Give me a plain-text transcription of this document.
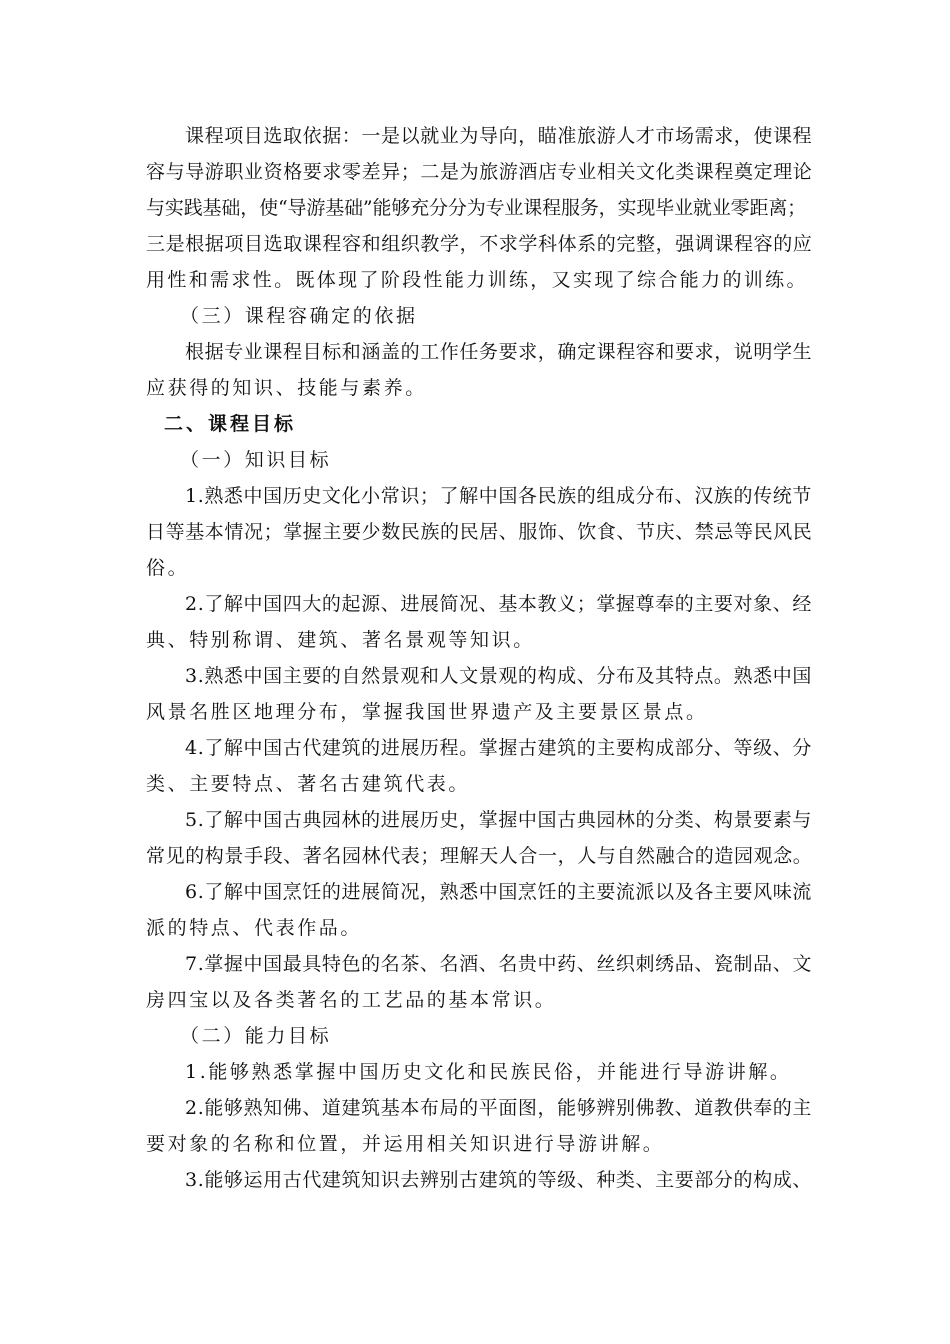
课程项目选取依据：一是以就业为导向，瞄准旅游人才市场需求，使课程
容与导游职业资格要求零差异；二是为旅游酒店专业相关文化类课程奠定理论
与实践基础，使“导游基础”能够充分分为专业课程服务，实现毕业就业零距离；
三是根据项目选取课程容和组织教学，不求学科体系的完整，强调课程容的应
用性和需求性。既体现了阶段性能力训练，又实现了综合能力的训练。
（三）课程容确定的依据
根据专业课程目标和涵盖的工作任务要求，确定课程容和要求，说明学生
应获得的知识、技能与素养。
二、课程目标
（一）知识目标
1.熟悉中国历史文化小常识；了解中国各民族的组成分布、汉族的传统节
日等基本情况；掌握主要少数民族的民居、服饰、饮食、节庆、禁忌等民风民
俗。
2.了解中国四大的起源、进展简况、基本教义；掌握尊奉的主要对象、经
典、特别称谓、建筑、著名景观等知识。
3.熟悉中国主要的自然景观和人文景观的构成、分布及其特点。熟悉中国
风景名胜区地理分布，掌握我国世界遗产及主要景区景点。
4.了解中国古代建筑的进展历程。掌握古建筑的主要构成部分、等级、分
类、主要特点、著名古建筑代表。
5.了解中国古典园林的进展历史，掌握中国古典园林的分类、构景要素与
常见的构景手段、著名园林代表；理解天人合一，人与自然融合的造园观念。
6.了解中国烹饪的进展简况，熟悉中国烹饪的主要流派以及各主要风味流
派的特点、代表作品。
7.掌握中国最具特色的名茶、名酒、名贵中药、丝织刺绣品、瓷制品、文
房四宝以及各类著名的工艺品的基本常识。
（二）能力目标
1.能够熟悉掌握中国历史文化和民族民俗，并能进行导游讲解。
2.能够熟知佛、道建筑基本布局的平面图，能够辨别佛教、道教供奉的主
要对象的名称和位置，并运用相关知识进行导游讲解。
3.能够运用古代建筑知识去辨别古建筑的等级、种类、主要部分的构成、
